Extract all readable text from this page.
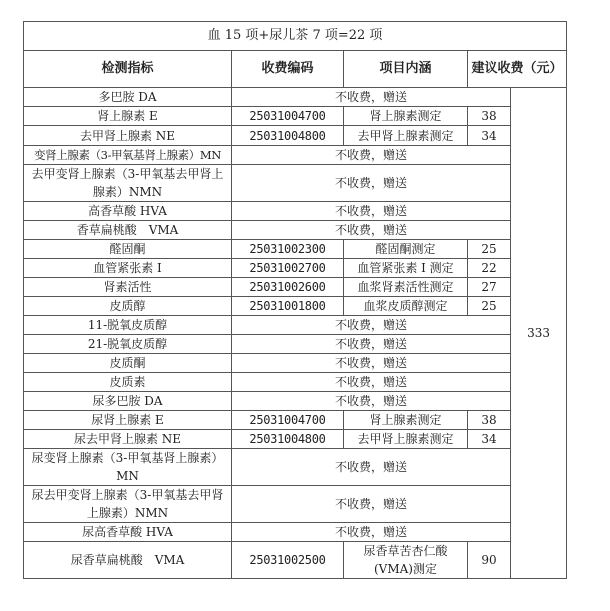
血 15 项+尿儿茶 7 项=22 项				
检测指标	收费编码	项目内涵	建议收费（元）	
多巴胺 DA	不收费，赠送			333
肾上腺素 E	25031004700	肾上腺素测定	38	
去甲肾上腺素 NE	25031004800	去甲肾上腺素测定	34	
变肾上腺素（3-甲氧基肾上腺素）MN	不收费，赠送			
去甲变肾上腺素（3-甲氧基去甲肾上腺素）NMN	不收费，赠送			
高香草酸 HVA	不收费，赠送			
香草扁桃酸　VMA	不收费，赠送			
醛固酮	25031002300	醛固酮测定	25	
血管紧张素 I	25031002700	血管紧张素 I 测定	22	
肾素活性	25031002600	血浆肾素活性测定	27	
皮质醇	25031001800	血浆皮质醇测定	25	
11-脱氧皮质醇	不收费，赠送			
21-脱氧皮质醇	不收费，赠送			
皮质酮	不收费，赠送			
皮质素	不收费，赠送			
尿多巴胺 DA	不收费，赠送			
尿肾上腺素 E	25031004700	肾上腺素测定	38	
尿去甲肾上腺素 NE	25031004800	去甲肾上腺素测定	34	
尿变肾上腺素（3-甲氧基肾上腺素）MN	不收费，赠送			
尿去甲变肾上腺素（3-甲氧基去甲肾上腺素）NMN	不收费，赠送			
尿高香草酸 HVA	不收费，赠送			
尿香草扁桃酸　VMA	25031002500	尿香草苦杏仁酸(VMA)测定	90	
